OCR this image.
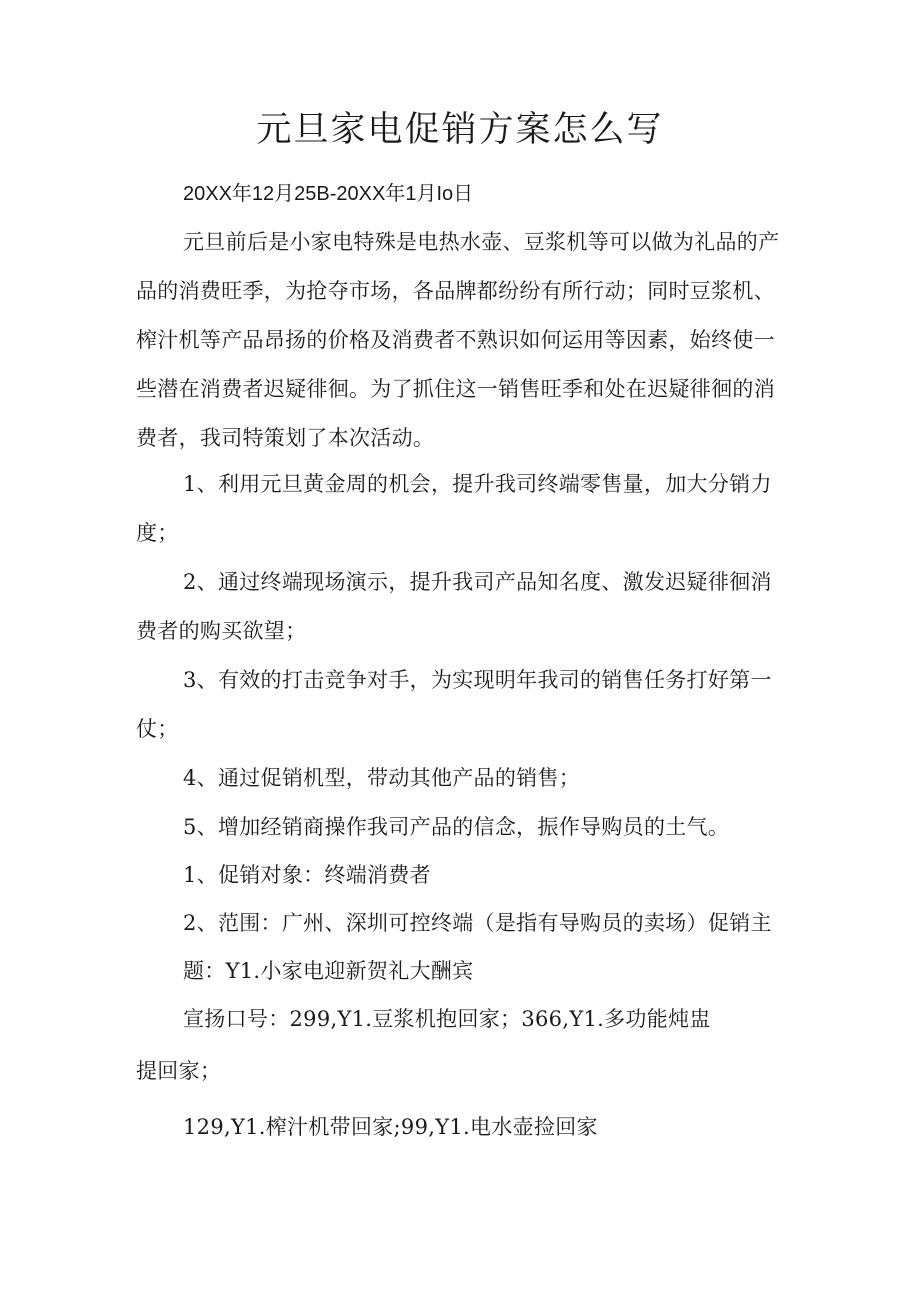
元旦家电促销方案怎么写
20XX年12月25B-20XX年1月Io日
元旦前后是小家电特殊是电热水壶、豆浆机等可以做为礼品的产
品的消费旺季，为抢夺市场，各品牌都纷纷有所行动；同时豆浆机、
榨汁机等产品昂扬的价格及消费者不熟识如何运用等因素，始终使一
些潜在消费者迟疑徘徊。为了抓住这一销售旺季和处在迟疑徘徊的消
费者，我司特策划了本次活动。
1、利用元旦黄金周的机会，提升我司终端零售量，加大分销力
度；
2、通过终端现场演示，提升我司产品知名度、激发迟疑徘徊消
费者的购买欲望；
3、有效的打击竞争对手，为实现明年我司的销售任务打好第一
仗；
4、通过促销机型，带动其他产品的销售；
5、增加经销商操作我司产品的信念，振作导购员的土气。
1、促销对象：终端消费者
2、范围：广州、深圳可控终端（是指有导购员的卖场）促销主
题：Y1.小家电迎新贺礼大酬宾
宣扬口号：299,Y1.豆浆机抱回家；366,Y1.多功能炖盅
提回家；
129,Y1.榨汁机带回家;99,Y1.电水壶捡回家
